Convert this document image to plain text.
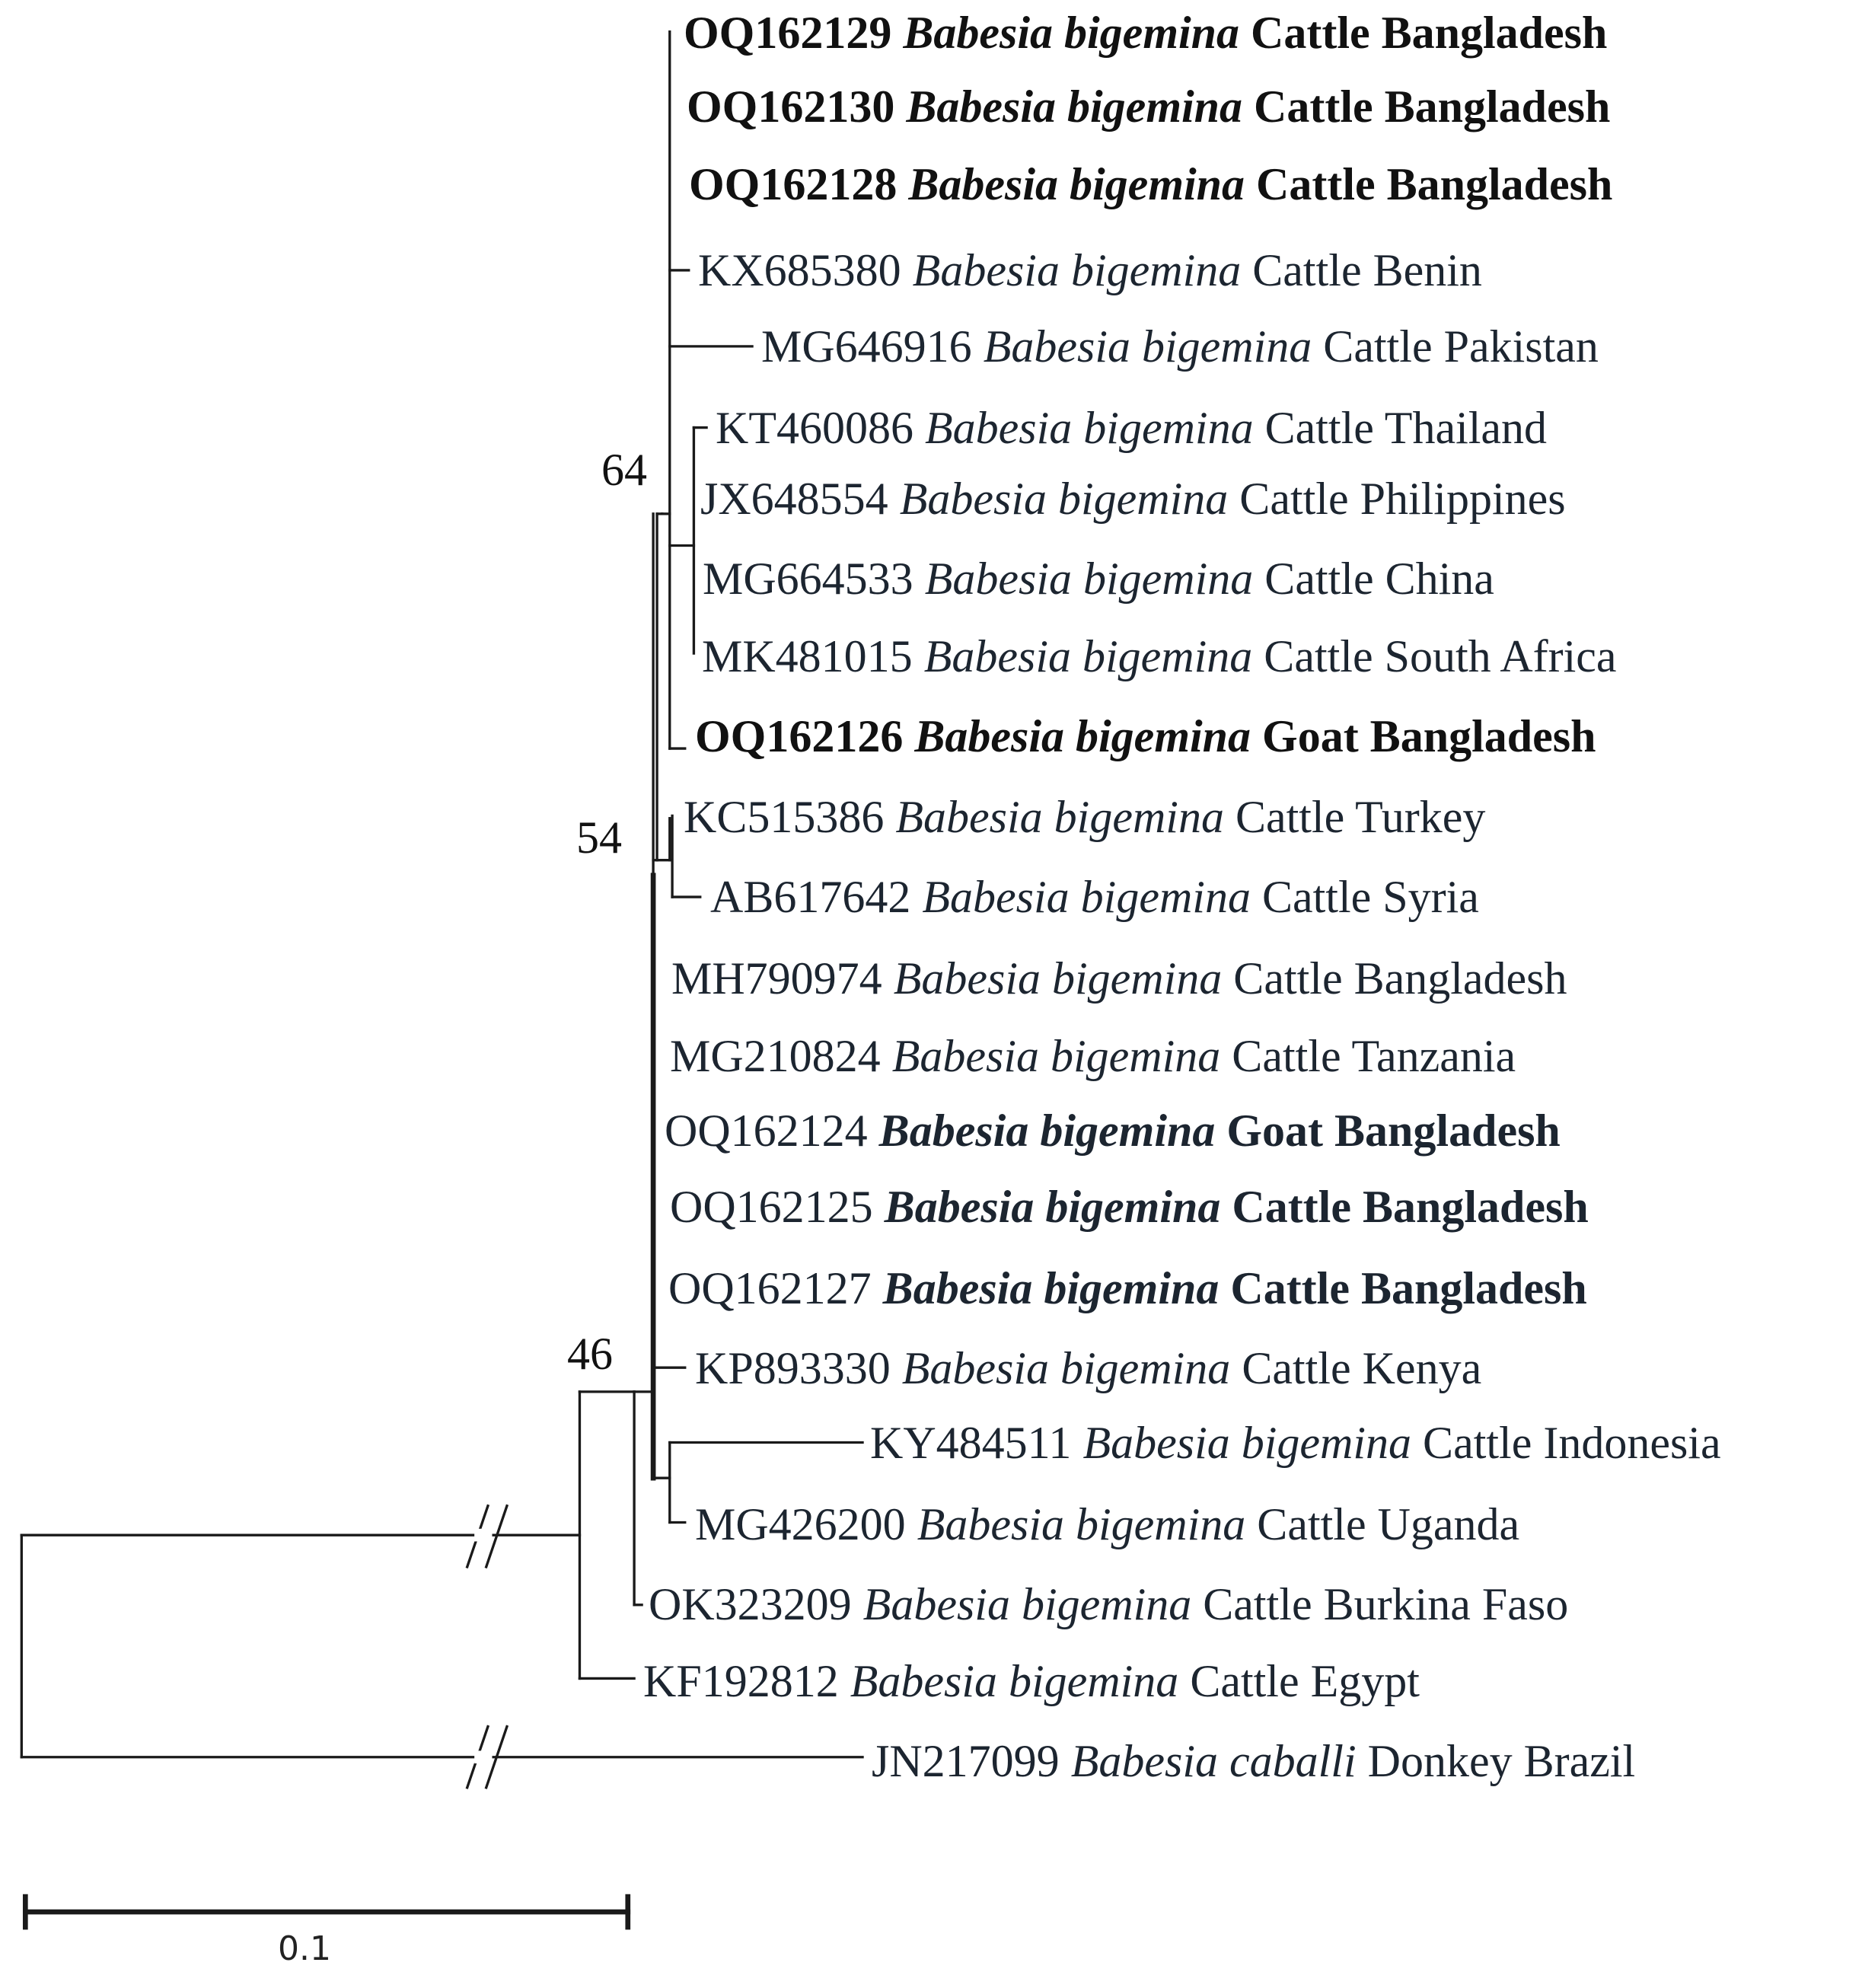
OQ162129 Babesia bigemina Cattle Bangladesh
OQ162130 Babesia bigemina Cattle Bangladesh
OQ162128 Babesia bigemina Cattle Bangladesh
KX685380 Babesia bigemina Cattle Benin
MG646916 Babesia bigemina Cattle Pakistan
KT460086 Babesia bigemina Cattle Thailand
JX648554 Babesia bigemina Cattle Philippines
MG664533 Babesia bigemina Cattle China
MK481015 Babesia bigemina Cattle South Africa
OQ162126 Babesia bigemina Goat Bangladesh
KC515386 Babesia bigemina Cattle Turkey
AB617642 Babesia bigemina Cattle Syria
MH790974 Babesia bigemina Cattle Bangladesh
MG210824 Babesia bigemina Cattle Tanzania
OQ162124 Babesia bigemina Goat Bangladesh
OQ162125 Babesia bigemina Cattle Bangladesh
OQ162127 Babesia bigemina Cattle Bangladesh
KP893330 Babesia bigemina Cattle Kenya
KY484511 Babesia bigemina Cattle Indonesia
MG426200 Babesia bigemina Cattle Uganda
OK323209 Babesia bigemina Cattle Burkina Faso
KF192812 Babesia bigemina Cattle Egypt
JN217099 Babesia caballi Donkey Brazil
64
54
46
0.1
